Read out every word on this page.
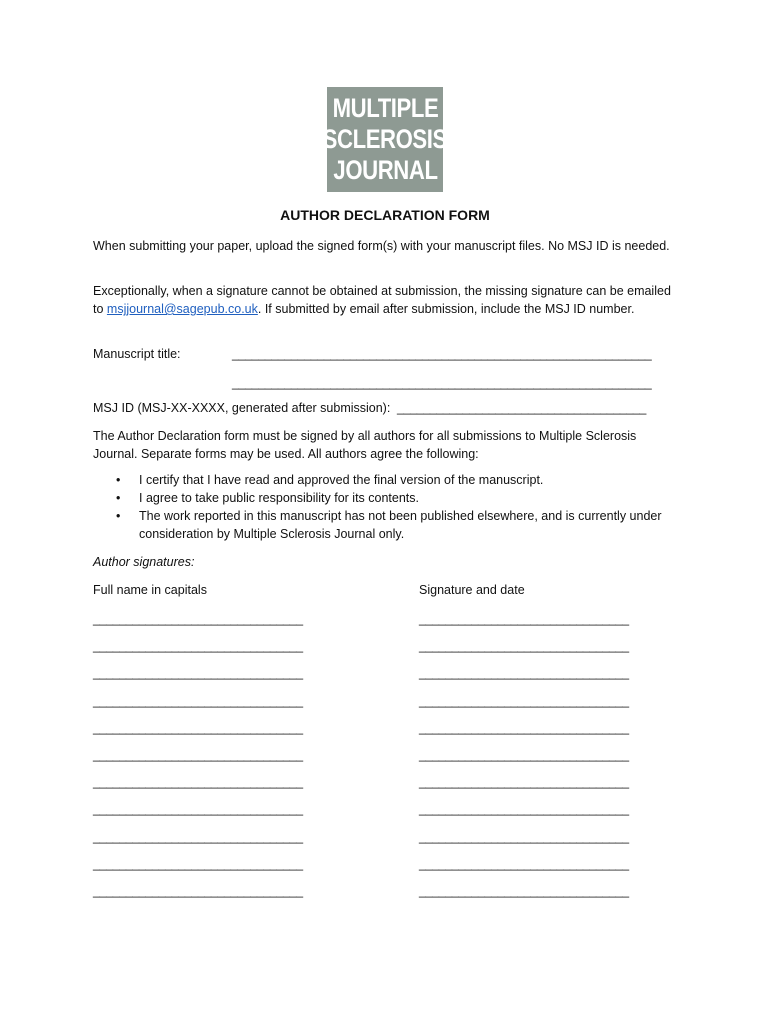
MULTIPLE
SCLEROSIS
JOURNAL
AUTHOR DECLARATION FORM

When submitting your paper, upload the signed form(s) with your manuscript files. No MSJ ID is needed.

Exceptionally, when a signature cannot be obtained at submission, the missing signature can be emailed to msjjournal@sagepub.co.uk. If submitted by email after submission, include the MSJ ID number.

Manuscript title:	________________________________________________________________
________________________________________________________________
MSJ ID (MSJ-XX-XXXX, generated after submission): ______________________________________

The Author Declaration form must be signed by all authors for all submissions to Multiple Sclerosis Journal. Separate forms may be used. All authors agree the following:

• I certify that I have read and approved the final version of the manuscript.
• I agree to take public responsibility for its contents.
• The work reported in this manuscript has not been published elsewhere, and is currently under consideration by Multiple Sclerosis Journal only.
Author signatures:
Full name in capitals	Signature and date
________________________________	________________________________
________________________________	________________________________
________________________________	________________________________
________________________________	________________________________
________________________________	________________________________
________________________________	________________________________
________________________________	________________________________
________________________________	________________________________
________________________________	________________________________
________________________________	________________________________
________________________________	________________________________
